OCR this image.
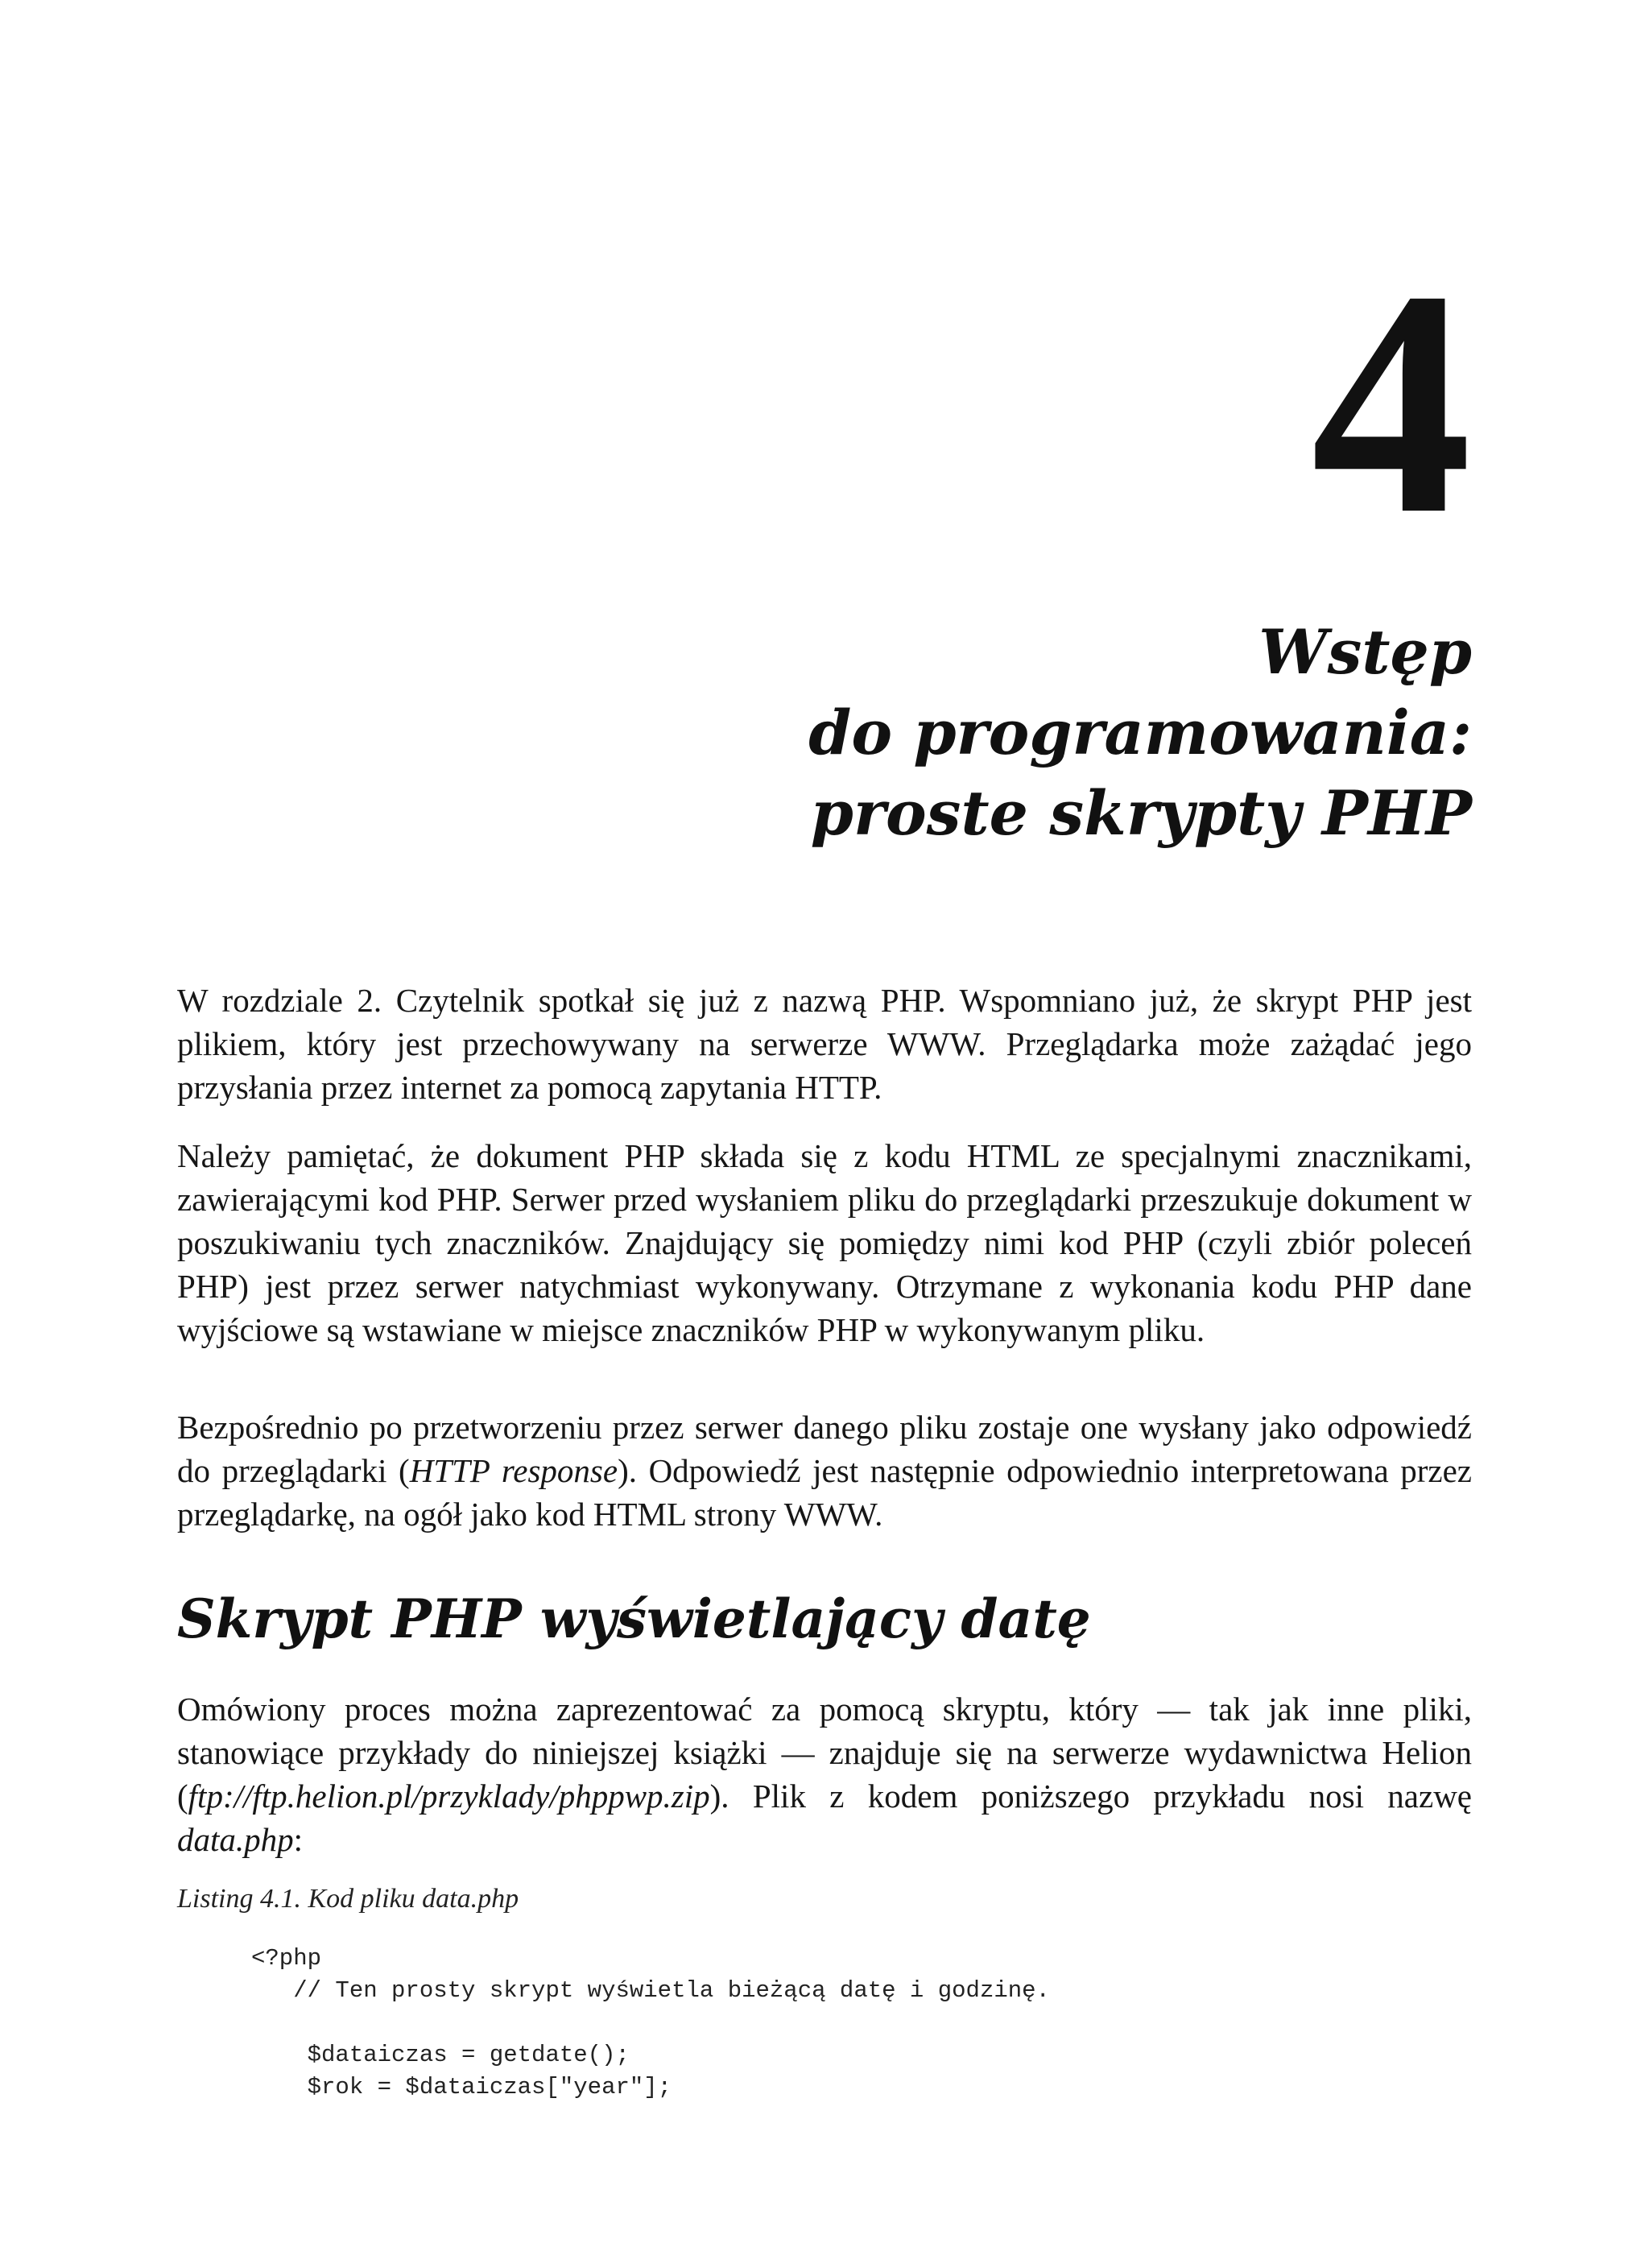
4
Wstęp
do programowania:
proste skrypty PHP

W rozdziale 2. Czytelnik spotkał się już z nazwą PHP. Wspomniano już, że skrypt PHP jest plikiem, który jest przechowywany na serwerze WWW. Przeglądarka może zażądać jego przysłania przez internet za pomocą zapytania HTTP.

Należy pamiętać, że dokument PHP składa się z kodu HTML ze specjalnymi znacznikami, zawierającymi kod PHP. Serwer przed wysłaniem pliku do przeglądarki przeszukuje dokument w poszukiwaniu tych znaczników. Znajdujący się pomiędzy nimi kod PHP (czyli zbiór poleceń PHP) jest przez serwer natychmiast wykonywany. Otrzymane z wykonania kodu PHP dane wyjściowe są wstawiane w miejsce znaczników PHP w wykonywanym pliku.

Bezpośrednio po przetworzeniu przez serwer danego pliku zostaje one wysłany jako odpowiedź do przeglądarki (HTTP response). Odpowiedź jest następnie odpowiednio interpretowana przez przeglądarkę, na ogół jako kod HTML strony WWW.

Skrypt PHP wyświetlający datę

Omówiony proces można zaprezentować za pomocą skryptu, który — tak jak inne pliki, stanowiące przykłady do niniejszej książki — znajduje się na serwerze wydawnictwa Helion (ftp://ftp.helion.pl/przyklady/phppwp.zip). Plik z kodem poniższego przykładu nosi nazwę data.php:

Listing 4.1. Kod pliku data.php

<?php
// Ten prosty skrypt wyświetla bieżącą datę i godzinę.
$dataiczas = getdate();
$rok = $dataiczas["year"];
